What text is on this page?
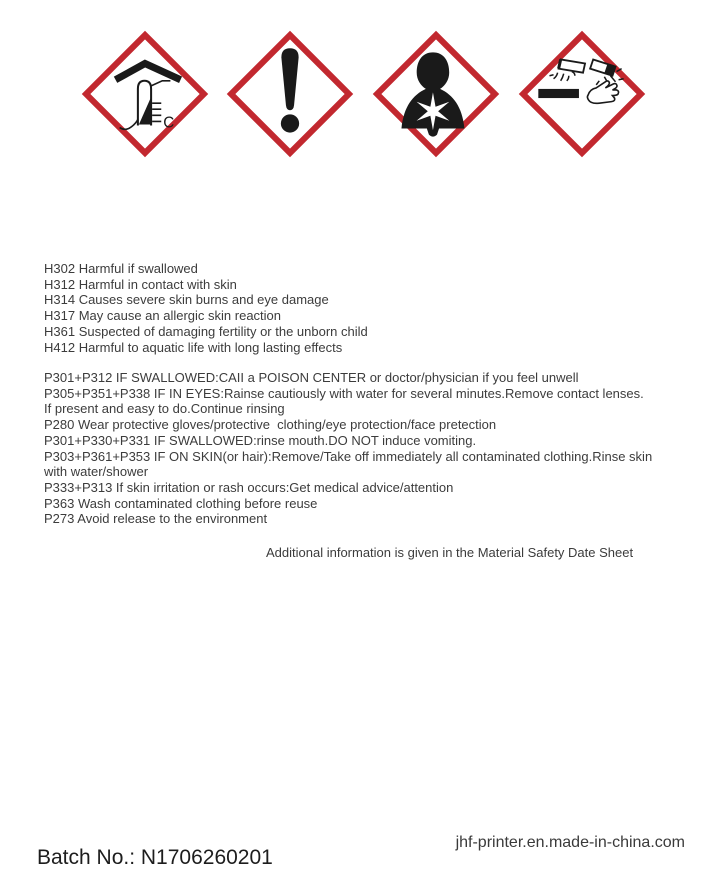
C
H302 Harmful if swallowed
H312 Harmful in contact with skin
H314 Causes severe skin burns and eye damage
H317 May cause an allergic skin reaction
H361 Suspected of damaging fertility or the unborn child
H412 Harmful to aquatic life with long lasting effects
P301+P312 IF SWALLOWED:CAII a POISON CENTER or doctor/physician if you feel unwell
P305+P351+P338 IF IN EYES:Rainse cautiously with water for several minutes.Remove contact lenses.
If present and easy to do.Continue rinsing
P280 Wear protective gloves/protective  clothing/eye protection/face pretection
P301+P330+P331 IF SWALLOWED:rinse mouth.DO NOT induce vomiting.
P303+P361+P353 IF ON SKIN(or hair):Remove/Take off immediately all contaminated clothing.Rinse skin
with water/shower
P333+P313 If skin irritation or rash occurs:Get medical advice/attention
P363 Wash contaminated clothing before reuse
P273 Avoid release to the environment
Additional information is given in the Material Safety Date Sheet
Batch No.: N1706260201
jhf-printer.en.made-in-china.com
